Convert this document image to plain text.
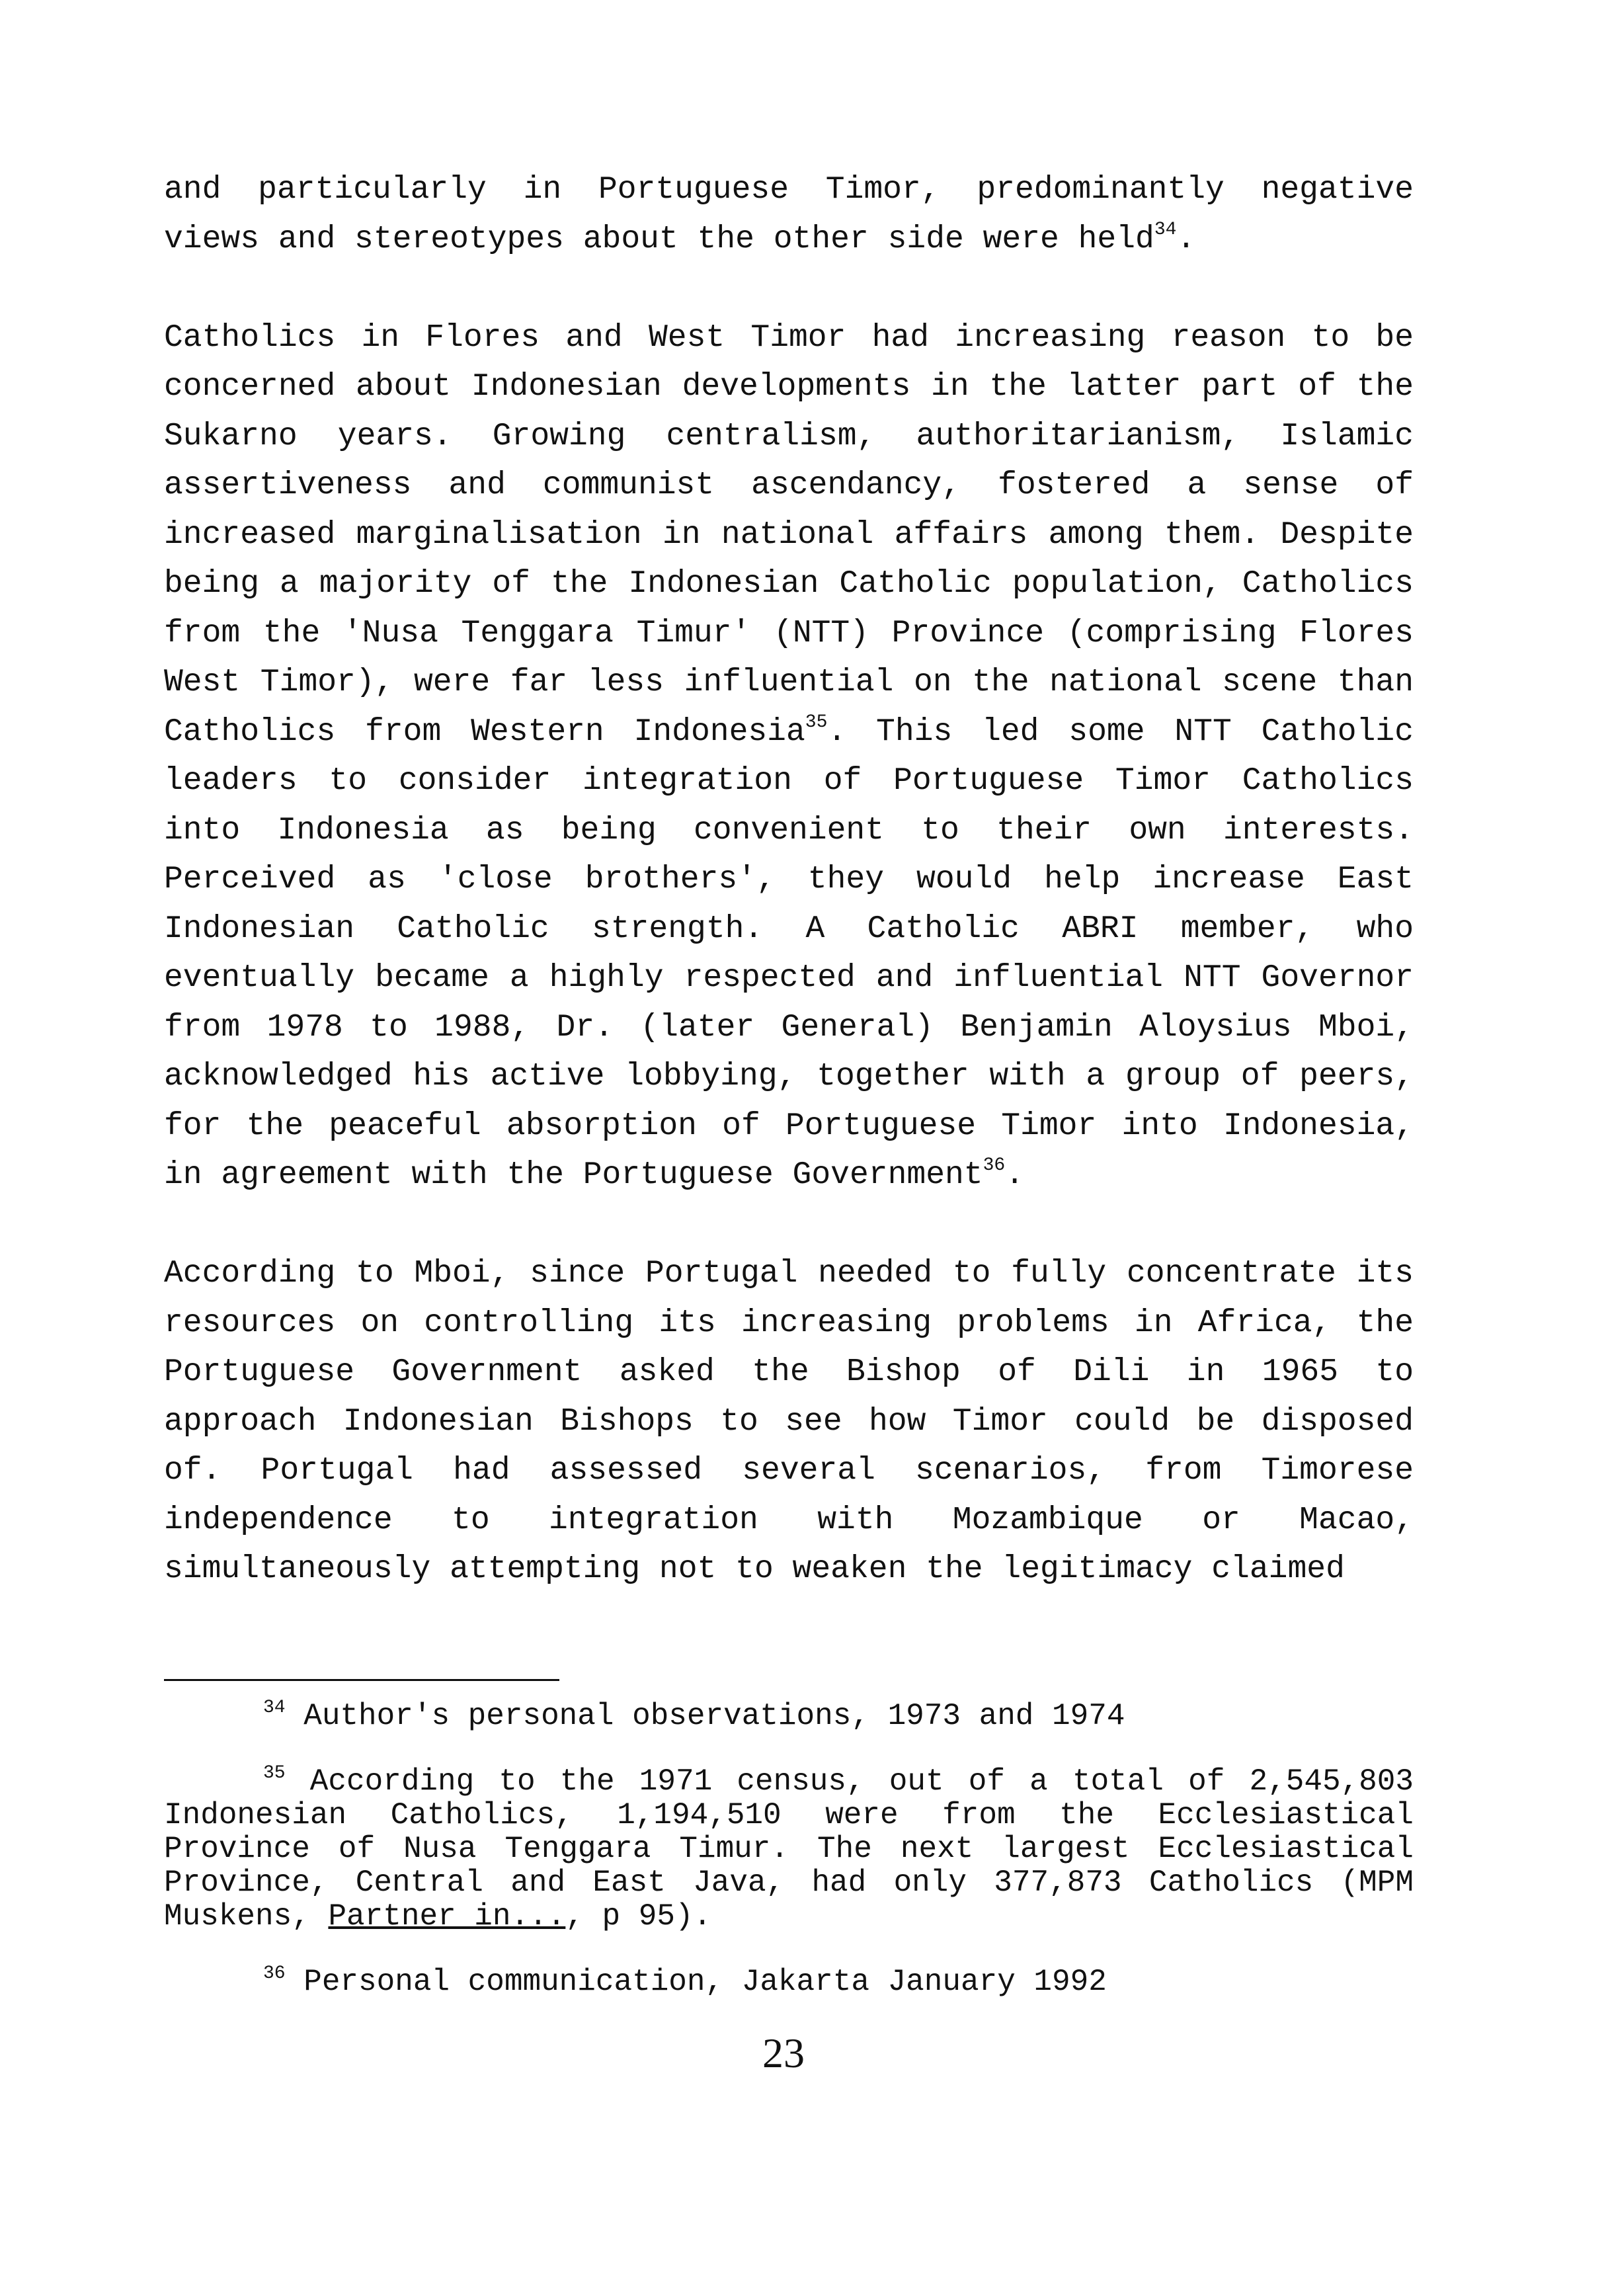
and particularly in Portuguese Timor, predominantly negative views and stereotypes about the other side were held$^{34}$.

Catholics in Flores and West Timor had increasing reason to be concerned about Indonesian developments in the latter part of the Sukarno years. Growing centralism, authoritarianism, Islamic assertiveness and communist ascendancy, fostered a sense of increased marginalisation in national affairs among them. Despite being a majority of the Indonesian Catholic population, Catholics from the 'Nusa Tenggara Timur' (NTT) Province (comprising Flores West Timor), were far less influential on the national scene than Catholics from Western Indonesia$^{35}$. This led some NTT Catholic leaders to consider integration of Portuguese Timor Catholics into Indonesia as being convenient to their own interests. Perceived as 'close brothers', they would help increase East Indonesian Catholic strength. A Catholic ABRI member, who eventually became a highly respected and influential NTT Governor from 1978 to 1988, Dr. (later General) Benjamin Aloysius Mboi, acknowledged his active lobbying, together with a group of peers, for the peaceful absorption of Portuguese Timor into Indonesia, in agreement with the Portuguese Government$^{36}$.

According to Mboi, since Portugal needed to fully concentrate its resources on controlling its increasing problems in Africa, the Portuguese Government asked the Bishop of Dili in 1965 to approach Indonesian Bishops to see how Timor could be disposed of. Portugal had assessed several scenarios, from Timorese independence to integration with Mozambique or Macao, simultaneously attempting not to weaken the legitimacy claimed

$^{34}$ Author's personal observations, 1973 and 1974
$^{35}$ According to the 1971 census, out of a total of 2,545,803 Indonesian Catholics, 1,194,510 were from the Ecclesiastical Province of Nusa Tenggara Timur. The next largest Ecclesiastical Province, Central and East Java, had only 377,873 Catholics (MPM Muskens, Partner in..., p 95).
$^{36}$ Personal communication, Jakarta January 1992
23
